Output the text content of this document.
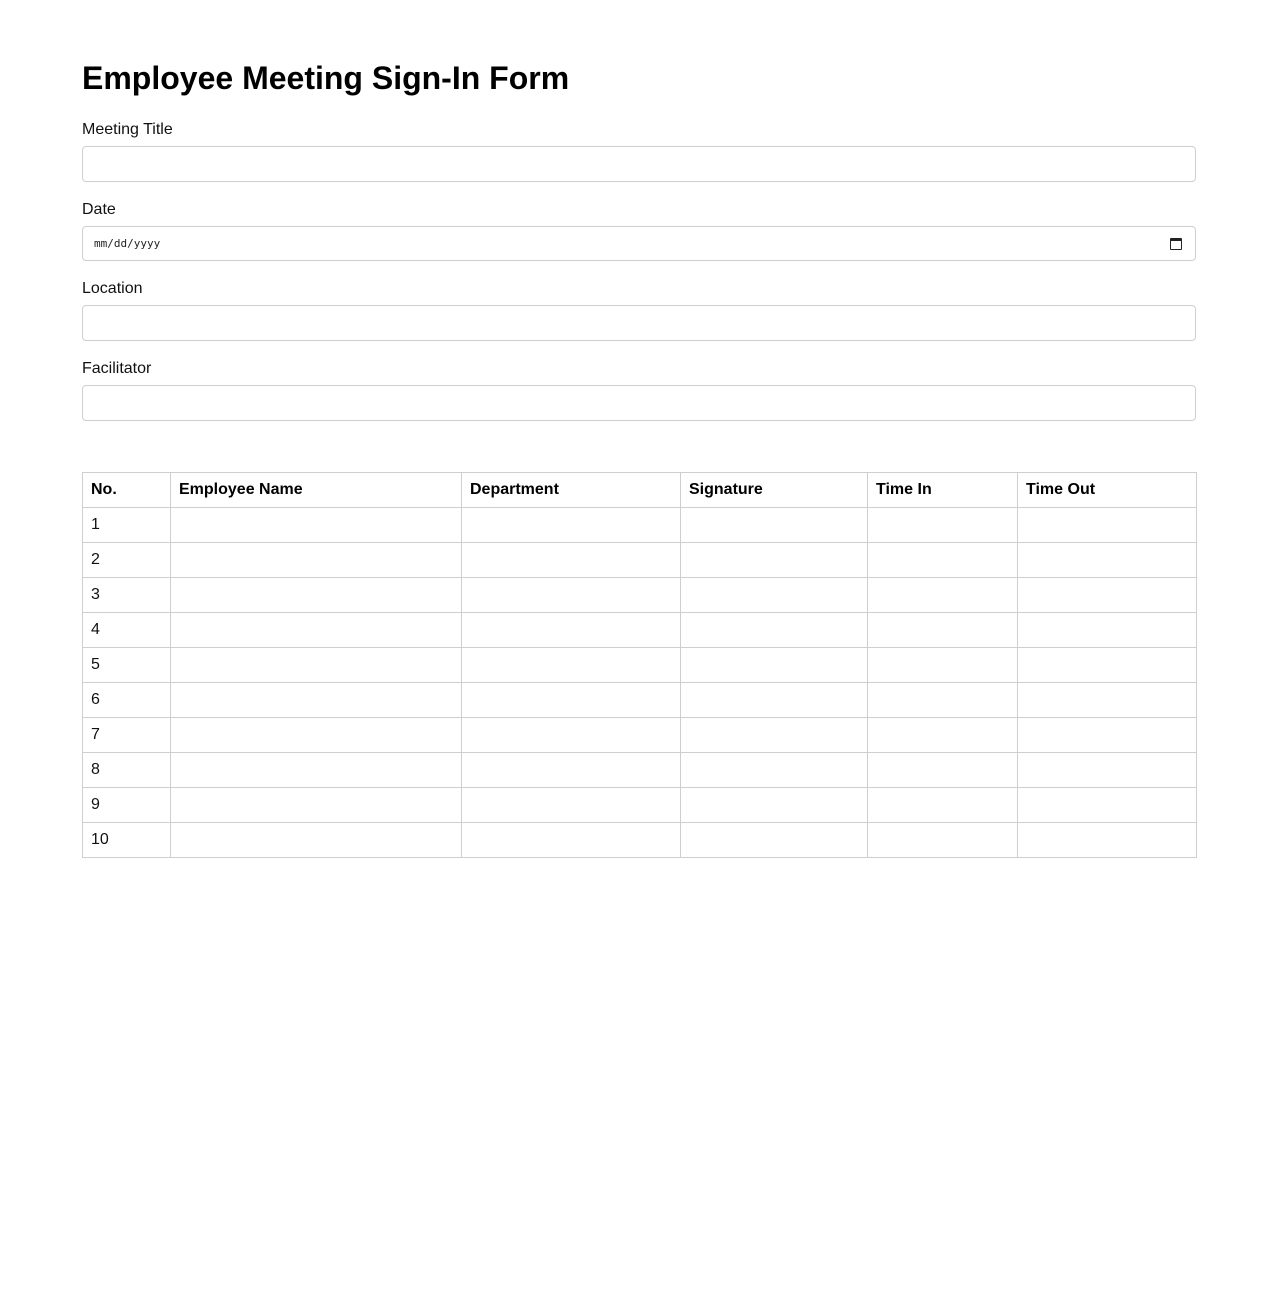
Employee Meeting Sign-In Form
Meeting Title
Date
mm/dd/yyyy
Location
Facilitator
No.	Employee Name	Department	Signature	Time In	Time Out
1					
2					
3					
4					
5					
6					
7					
8					
9					
10					
